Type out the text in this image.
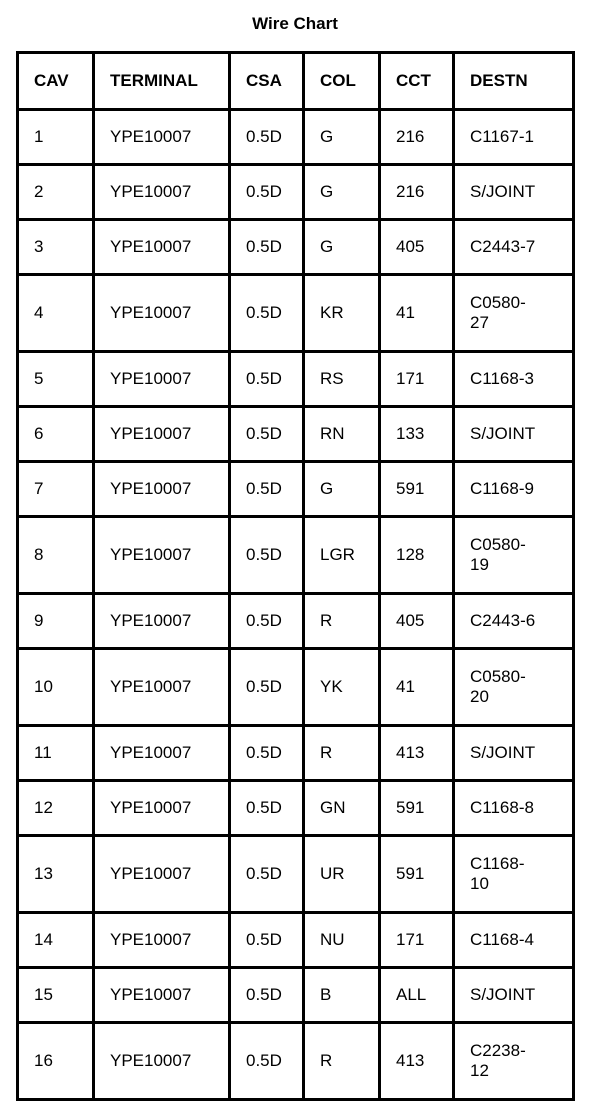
Wire Chart
CAV	TERMINAL	CSA	COL	CCT	DESTN
1	YPE10007	0.5D	G	216	C1167-1
2	YPE10007	0.5D	G	216	S/JOINT
3	YPE10007	0.5D	G	405	C2443-7
4	YPE10007	0.5D	KR	41	C0580-
27
5	YPE10007	0.5D	RS	171	C1168-3
6	YPE10007	0.5D	RN	133	S/JOINT
7	YPE10007	0.5D	G	591	C1168-9
8	YPE10007	0.5D	LGR	128	C0580-
19
9	YPE10007	0.5D	R	405	C2443-6
10	YPE10007	0.5D	YK	41	C0580-
20
11	YPE10007	0.5D	R	413	S/JOINT
12	YPE10007	0.5D	GN	591	C1168-8
13	YPE10007	0.5D	UR	591	C1168-
10
14	YPE10007	0.5D	NU	171	C1168-4
15	YPE10007	0.5D	B	ALL	S/JOINT
16	YPE10007	0.5D	R	413	C2238-
12
